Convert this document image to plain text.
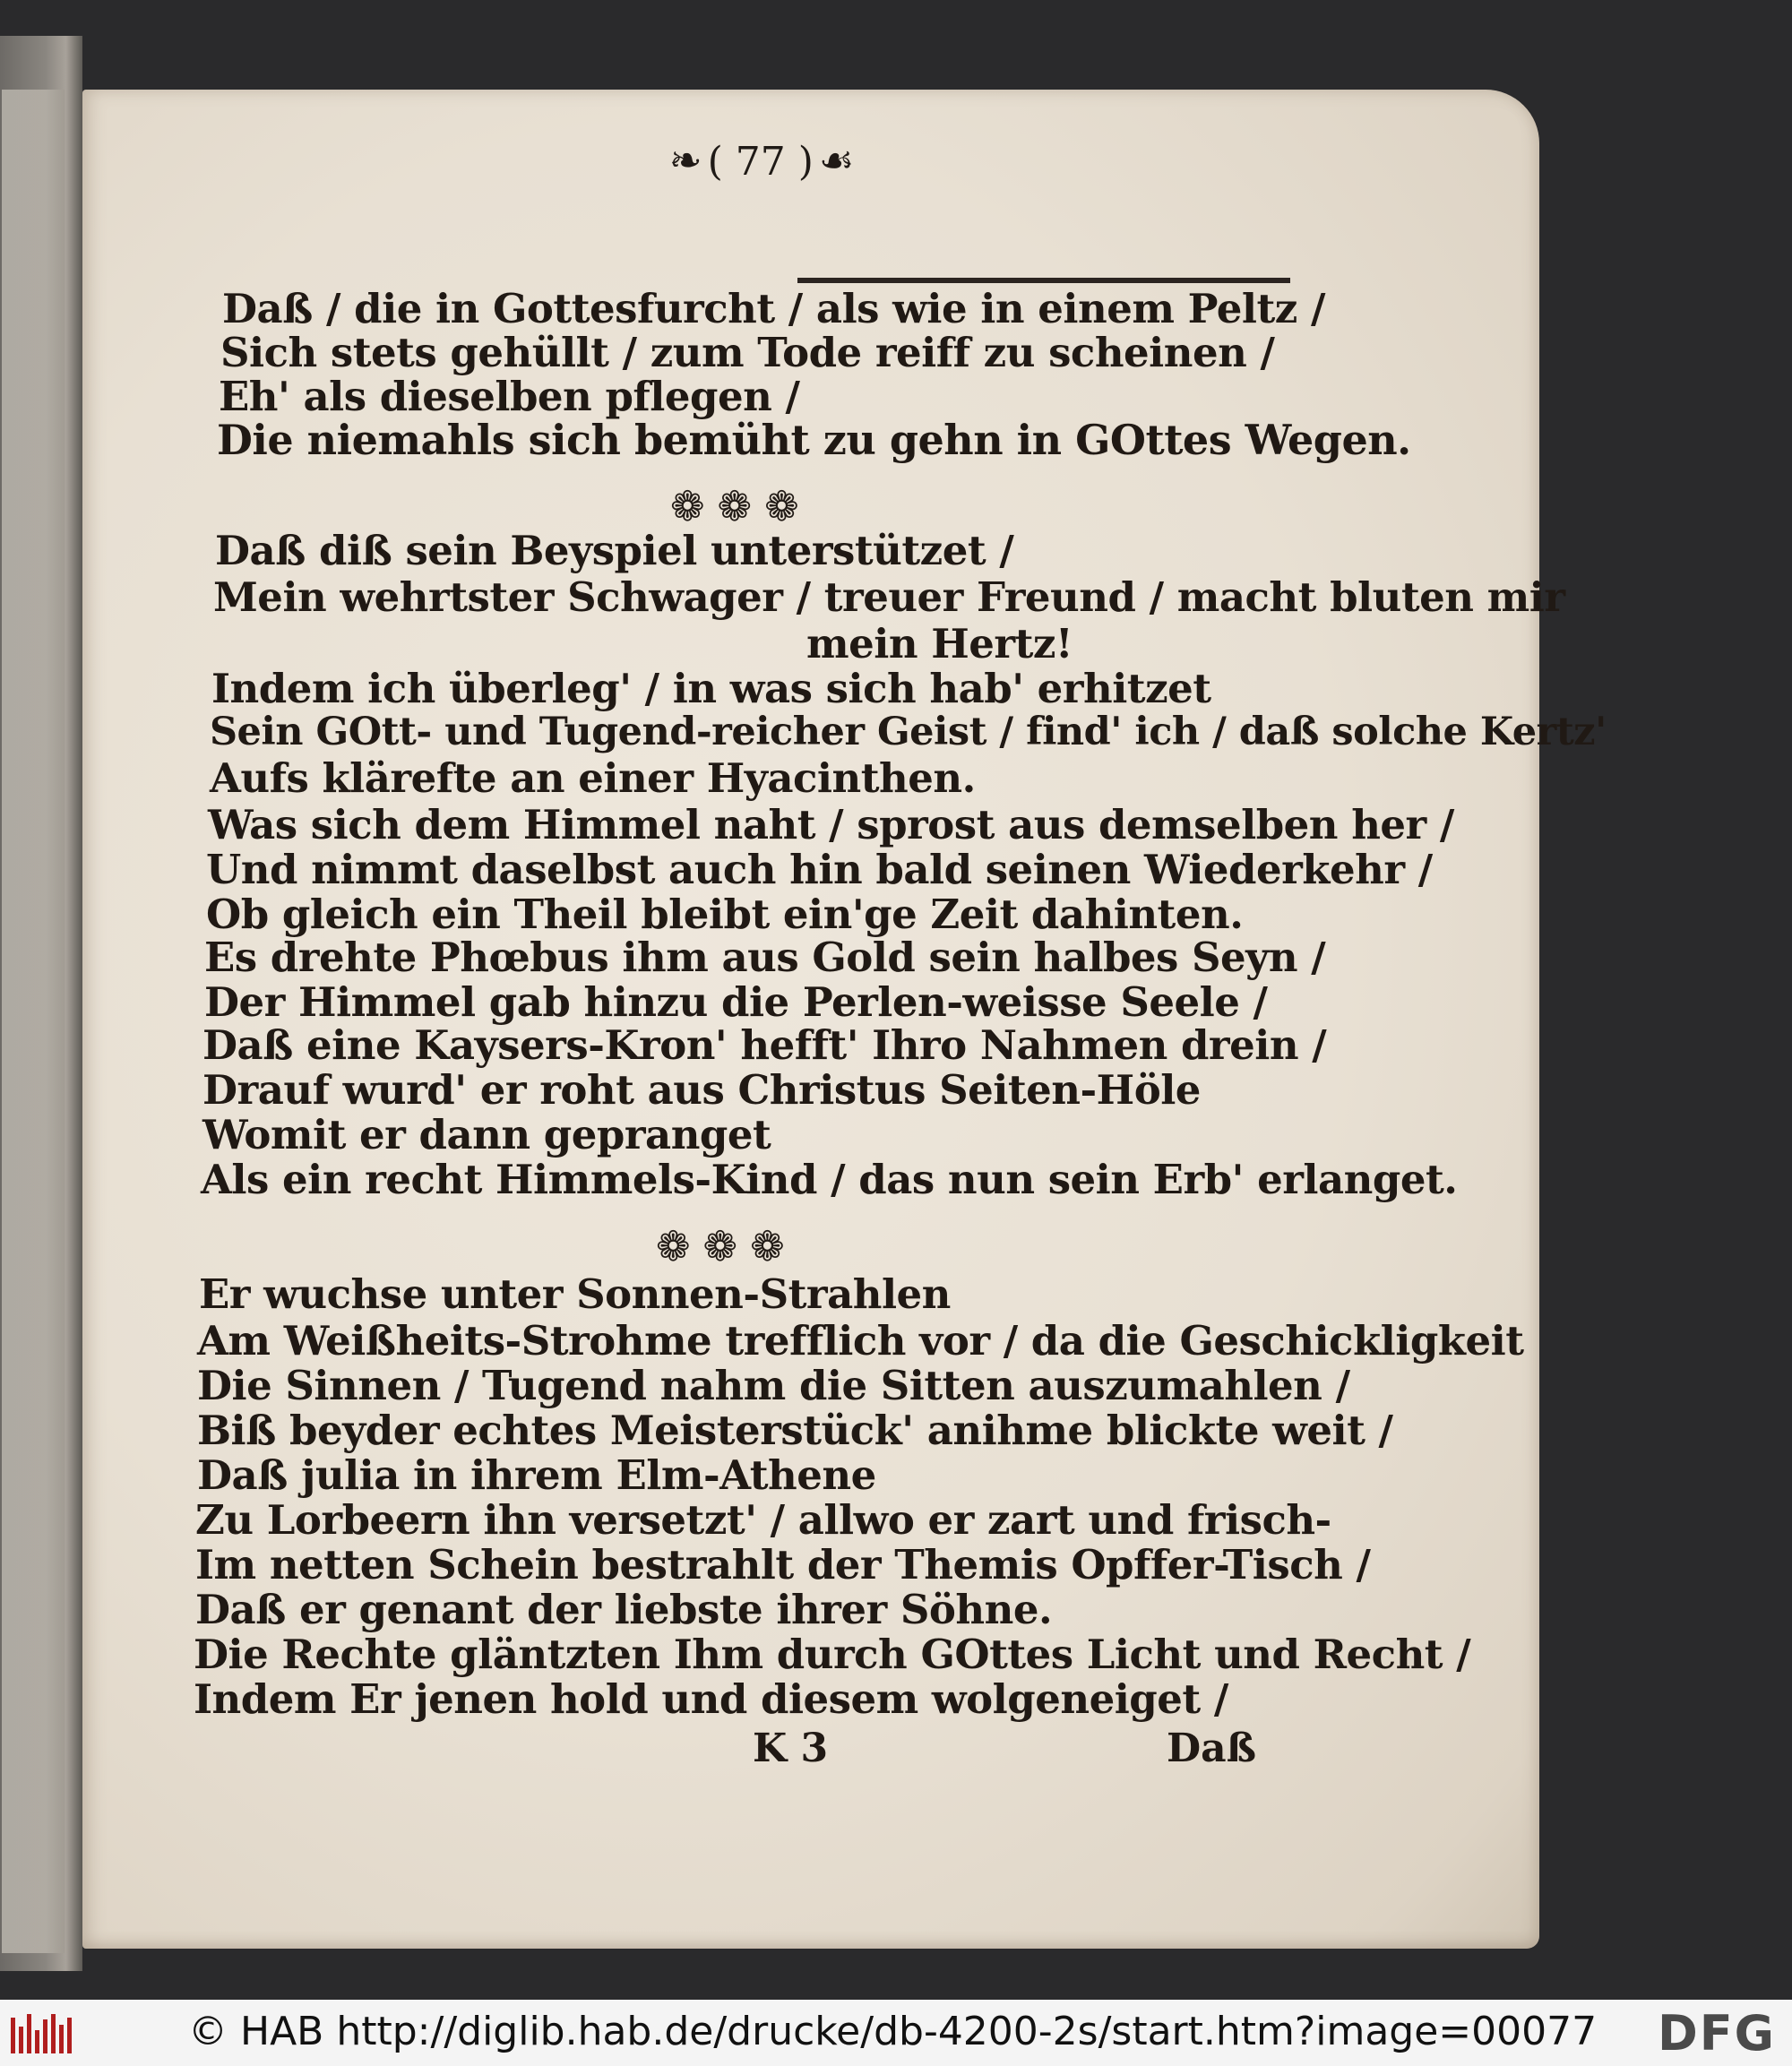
❧ ( 77 ) ☙
Daß / die in Gottesfurcht / als wie in einem Peltz /
Sich stets gehüllt / zum Tode reiff zu scheinen /
Eh' als dieselben pflegen /
Die niemahls sich bemüht zu gehn in GOttes Wegen.
❁ ❁ ❁
Daß diß sein Beyspiel unterstützet /
Mein wehrtster Schwager / treuer Freund / macht bluten mir
mein Hertz!
Indem ich überleg' / in was sich hab' erhitzet
Sein GOtt- und Tugend-reicher Geist / find' ich / daß solche Kertz'
Aufs klärefte an einer Hyacinthen.
Was sich dem Himmel naht / sprost aus demselben her /
Und nimmt daselbst auch hin bald seinen Wiederkehr /
Ob gleich ein Theil bleibt ein'ge Zeit dahinten.
Es drehte Phœbus ihm aus Gold sein halbes Seyn /
Der Himmel gab hinzu die Perlen-weisse Seele /
Daß eine Kaysers-Kron' hefft' Ihro Nahmen drein /
Drauf wurd' er roht aus Christus Seiten-Höle
Womit er dann gepranget
Als ein recht Himmels-Kind / das nun sein Erb' erlanget.
❁ ❁ ❁
Er wuchse unter Sonnen-Strahlen
Am Weißheits-Strohme trefflich vor / da die Geschickligkeit
Die Sinnen / Tugend nahm die Sitten auszumahlen /
Biß beyder echtes Meisterstück' anihme blickte weit /
Daß julia in ihrem Elm-Athene
Zu Lorbeern ihn versetzt' / allwo er zart und frisch-
Im netten Schein bestrahlt der Themis Opffer-Tisch /
Daß er genant der liebste ihrer Söhne.
Die Rechte gläntzten Ihm durch GOttes Licht und Recht /
Indem Er jenen hold und diesem wolgeneiget /
K 3	Daß
© HAB http://diglib.hab.de/drucke/db-4200-2s/start.htm?image=00077 DFG
